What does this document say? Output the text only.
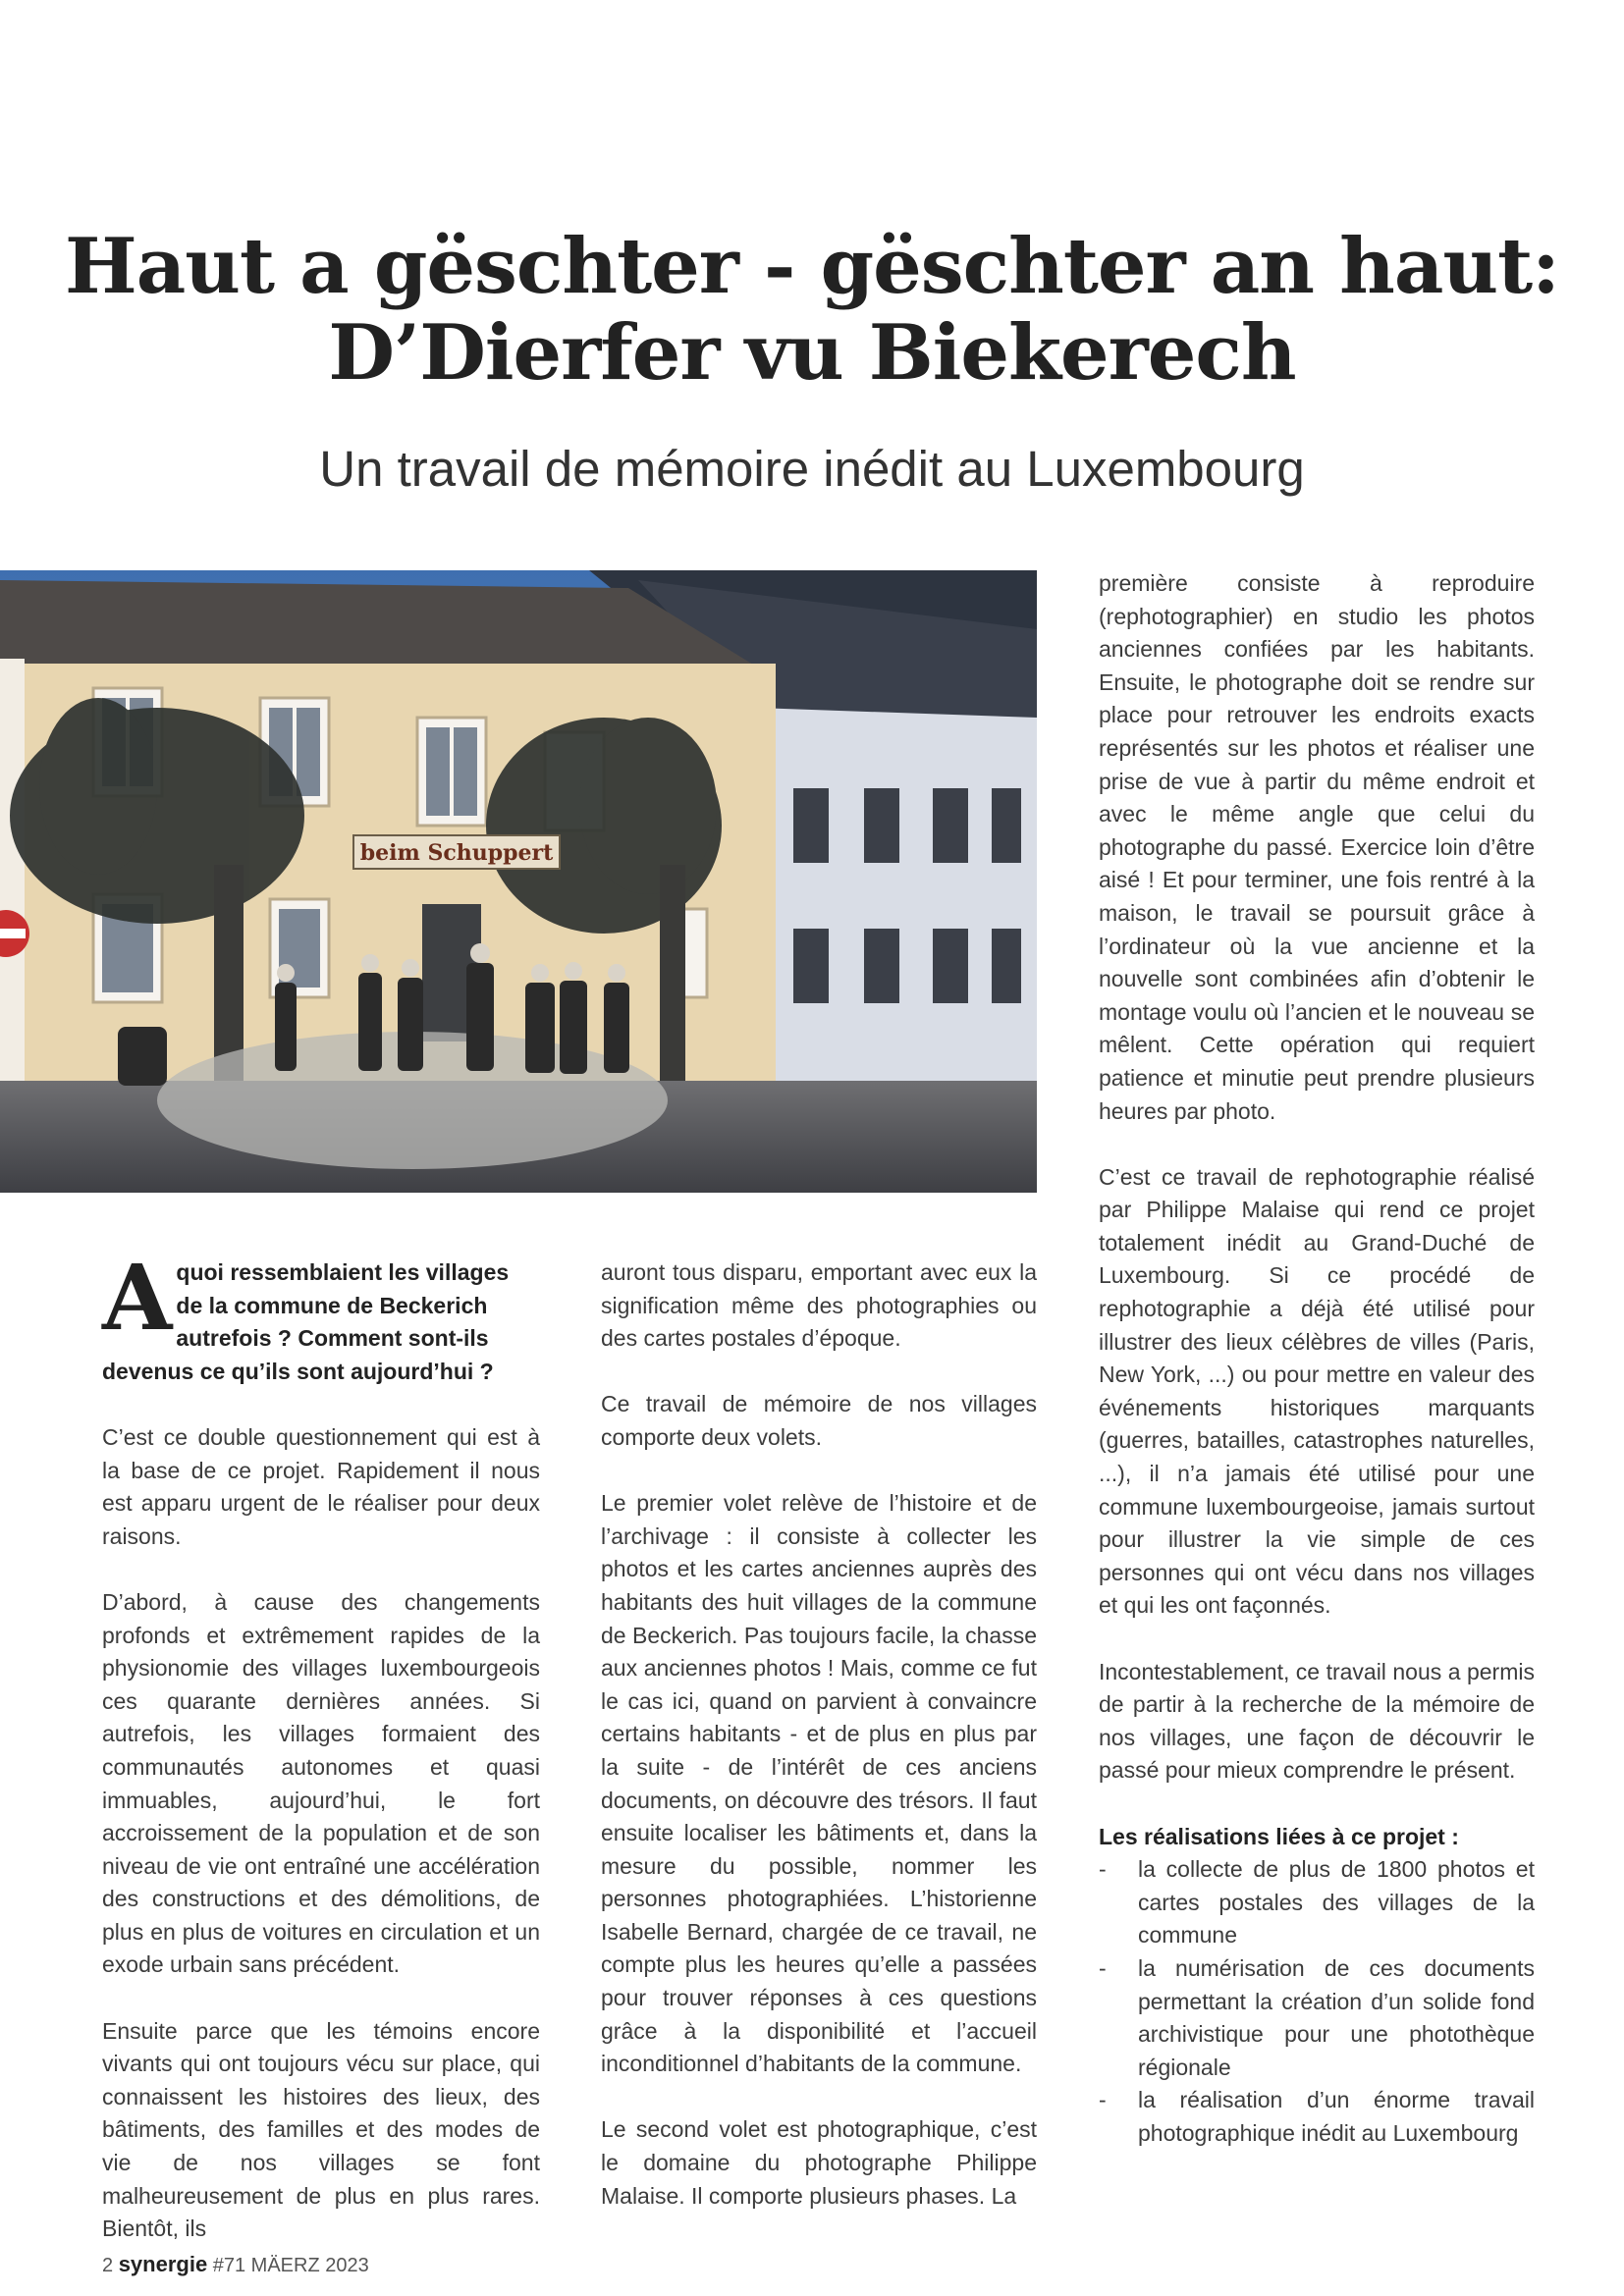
Haut a gëschter - gëschter an haut:
D’Dierfer vu Biekerech
Un travail de mémoire inédit au Luxembourg
beim Schuppert

Aquoi ressemblaient les villages de la commune de Beckerich autrefois ? Comment sont-ils devenus ce qu’ils sont aujourd’hui ?

C’est ce double questionnement qui est à la base de ce projet. Rapidement il nous est apparu urgent de le réaliser pour deux raisons.

D’abord, à cause des changements profonds et extrêmement rapides de la physionomie des villages luxembourgeois ces quarante dernières années. Si autrefois, les villages formaient des communautés autonomes et quasi immuables, aujourd’hui, le fort accroissement de la population et de son niveau de vie ont entraîné une accélération des constructions et des démolitions, de plus en plus de voitures en circulation et un exode urbain sans précédent.

Ensuite parce que les témoins encore vivants qui ont toujours vécu sur place, qui connaissent les histoires des lieux, des bâtiments, des familles et des modes de vie de nos villages se font malheureusement de plus en plus rares. Bientôt, ils

auront tous disparu, emportant avec eux la signification même des photographies ou des cartes postales d’époque.

Ce travail de mémoire de nos villages comporte deux volets.

Le premier volet relève de l’histoire et de l’archivage : il consiste à collecter les photos et les cartes anciennes auprès des habitants des huit villages de la commune de Beckerich. Pas toujours facile, la chasse aux anciennes photos ! Mais, comme ce fut le cas ici, quand on parvient à convaincre certains habitants - et de plus en plus par la suite - de l’intérêt de ces anciens documents, on découvre des trésors. Il faut ensuite localiser les bâtiments et, dans la mesure du possible, nommer les personnes photographiées. L’historienne Isabelle Bernard, chargée de ce travail, ne compte plus les heures qu’elle a passées pour trouver réponses à ces questions grâce à la disponibilité et l’accueil inconditionnel d’habitants de la commune.

Le second volet est photographique, c’est le domaine du photographe Philippe Malaise. Il comporte plusieurs phases. La

première consiste à reproduire (rephotographier) en studio les photos anciennes confiées par les habitants. Ensuite, le photographe doit se rendre sur place pour retrouver les endroits exacts représentés sur les photos et réaliser une prise de vue à partir du même endroit et avec le même angle que celui du photographe du passé. Exercice loin d’être aisé ! Et pour terminer, une fois rentré à la maison, le travail se poursuit grâce à l’ordinateur où la vue ancienne et la nouvelle sont combinées afin d’obtenir le montage voulu où l’ancien et le nouveau se mêlent. Cette opération qui requiert patience et minutie peut prendre plusieurs heures par photo.

C’est ce travail de rephotographie réalisé par Philippe Malaise qui rend ce projet totalement inédit au Grand-Duché de Luxembourg. Si ce procédé de rephotographie a déjà été utilisé pour illustrer des lieux célèbres de villes (Paris, New York, ...) ou pour mettre en valeur des événements historiques marquants (guerres, batailles, catastrophes naturelles, ...), il n’a jamais été utilisé pour une commune luxembourgeoise, jamais surtout pour illustrer la vie simple de ces personnes qui ont vécu dans nos villages et qui les ont façonnés.

Incontestablement, ce travail nous a permis de partir à la recherche de la mémoire de nos villages, une façon de découvrir le passé pour mieux comprendre le présent.

Les réalisations liées à ce projet :

- la collecte de plus de 1800 photos et cartes postales des villages de la commune
- la numérisation de ces documents permettant la création d’un solide fond archivistique pour une photothèque régionale
- la réalisation d’un énorme travail photographique inédit au Luxembourg
2 synergie #71 MÄERZ 2023
